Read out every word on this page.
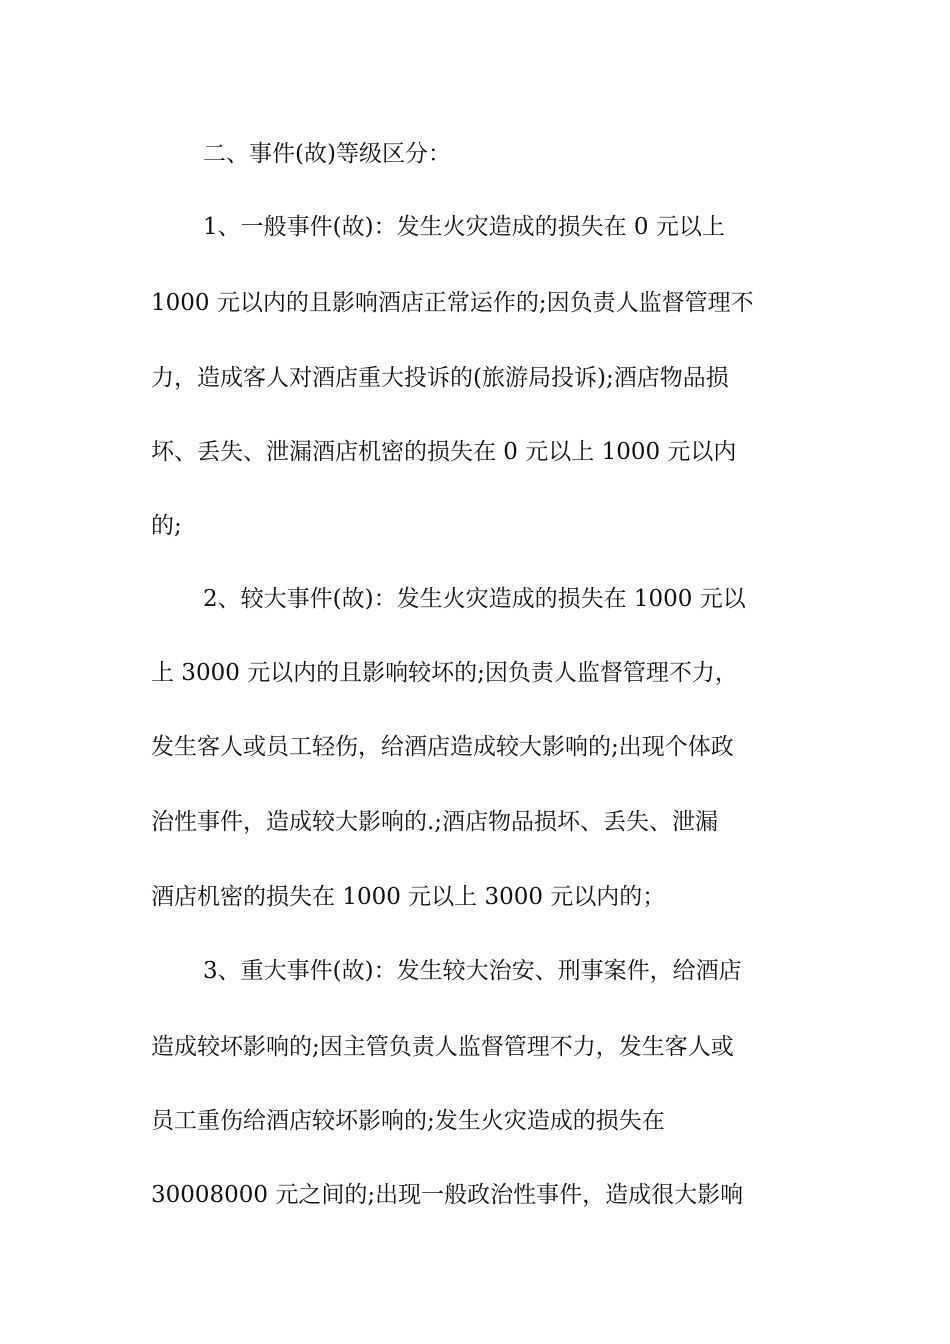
二、事件(故)等级区分：
1、一般事件(故)：发生火灾造成的损失在 0 元以上
1000 元以内的且影响酒店正常运作的;因负责人监督管理不
力，造成客人对酒店重大投诉的(旅游局投诉);酒店物品损
坏、丢失、泄漏酒店机密的损失在 0 元以上 1000 元以内
的;
2、较大事件(故)：发生火灾造成的损失在 1000 元以
上 3000 元以内的且影响较坏的;因负责人监督管理不力，
发生客人或员工轻伤，给酒店造成较大影响的;出现个体政
治性事件，造成较大影响的.;酒店物品损坏、丢失、泄漏
酒店机密的损失在 1000 元以上 3000 元以内的；
3、重大事件(故)：发生较大治安、刑事案件，给酒店
造成较坏影响的;因主管负责人监督管理不力，发生客人或
员工重伤给酒店较坏影响的;发生火灾造成的损失在
30008000 元之间的;出现一般政治性事件，造成很大影响
